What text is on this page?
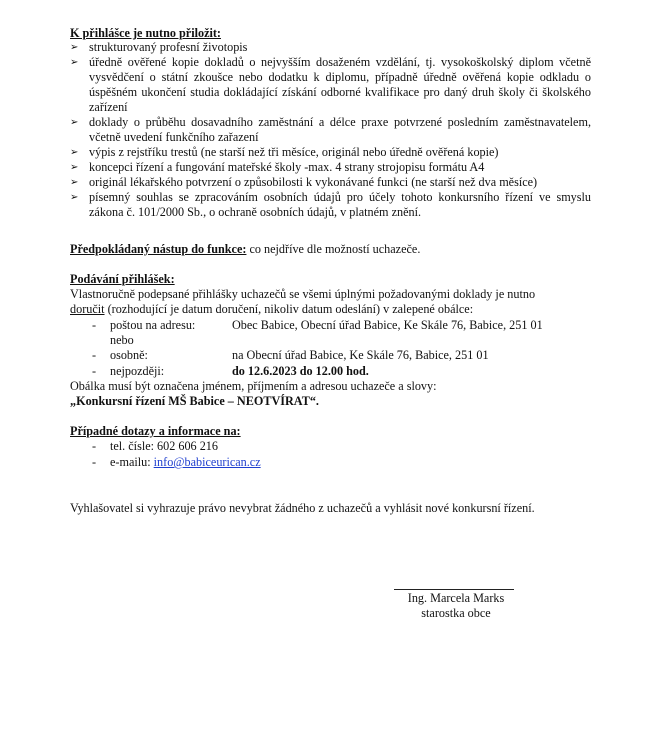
K přihlášce je nutno přiložit:
➢ strukturovaný profesní životopis
➢ úředně ověřené kopie dokladů o nejvyšším dosaženém vzdělání, tj. vysokoškolský diplom včetně vysvědčení o státní zkoušce nebo dodatku k diplomu, případně úředně ověřená kopie odkladu o úspěšném ukončení studia dokládající získání odborné kvalifikace pro daný druh školy či školského zařízení
➢ doklady o průběhu dosavadního zaměstnání a délce praxe potvrzené posledním zaměstnavatelem, včetně uvedení funkčního zařazení
➢ výpis z rejstříku trestů (ne starší než tři měsíce, originál nebo úředně ověřená kopie)
➢ koncepci řízení a fungování mateřské školy -max. 4 strany strojopisu formátu A4
➢ originál lékařského potvrzení o způsobilosti k vykonávané funkci (ne starší než dva měsíce)
➢ písemný souhlas se zpracováním osobních údajů pro účely tohoto konkursního řízení ve smyslu zákona č. 101/2000 Sb., o ochraně osobních údajů, v platném znění.
Předpokládaný nástup do funkce: co nejdříve dle možností uchazeče.
Podávání přihlášek:
Vlastnoručně podepsané přihlášky uchazečů se všemi úplnými požadovanými doklady je nutno
doručit (rozhodující je datum doručení, nikoliv datum odeslání) v zalepené obálce:
- poštou na adresu:	Obec Babice, Obecní úřad Babice, Ke Skále 76, Babice, 251 01
nebo
- osobně:	na Obecní úřad Babice, Ke Skále 76, Babice, 251 01
- nejpozději:	do 12.6.2023 do 12.00 hod.
Obálka musí být označena jménem, příjmením a adresou uchazeče a slovy:
„Konkursní řízení MŠ Babice – NEOTVÍRAT“.
Případné dotazy a informace na:
- tel. čísle: 602 606 216
- e-mailu: info@babiceurican.cz
Vyhlašovatel si vyhrazuje právo nevybrat žádného z uchazečů a vyhlásit nové konkursní řízení.
Ing. Marcela Marks
starostka obce
